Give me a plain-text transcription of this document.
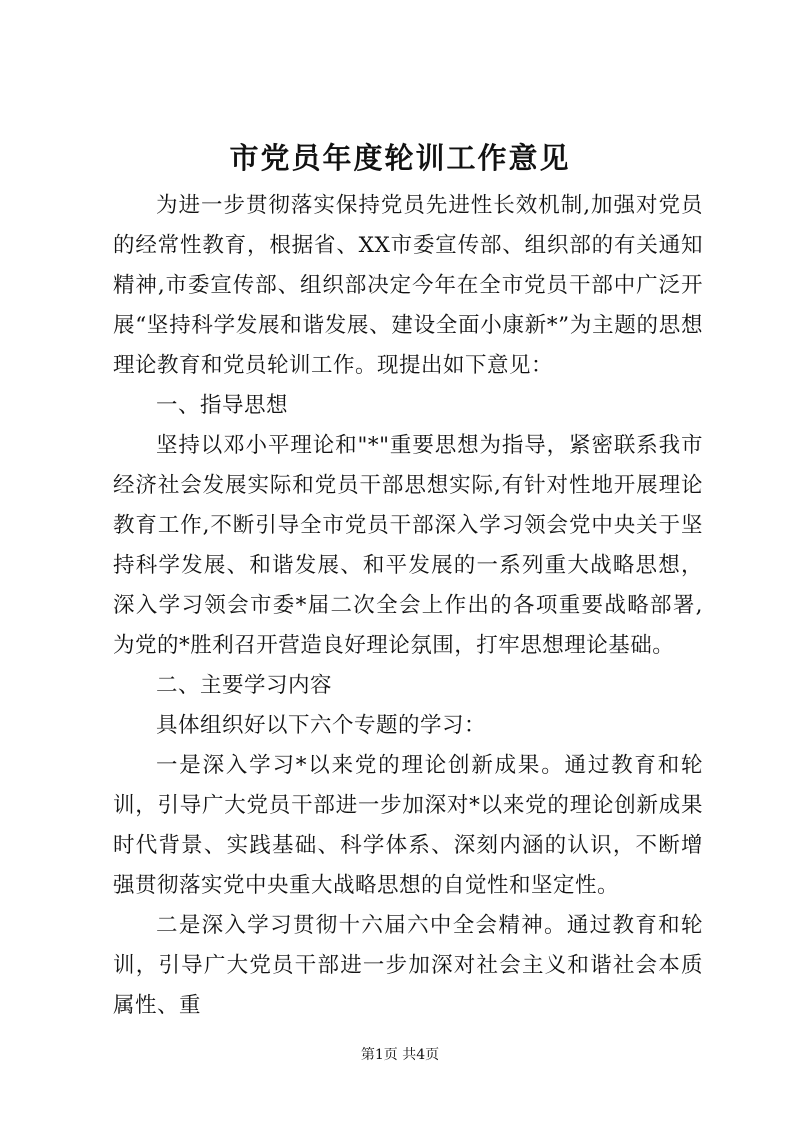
市党员年度轮训工作意见

为进一步贯彻落实保持党员先进性长效机制,加强对党员的经常性教育，根据省、XX市委宣传部、组织部的有关通知精神,市委宣传部、组织部决定今年在全市党员干部中广泛开展“坚持科学发展和谐发展、建设全面小康新*”为主题的思想理论教育和党员轮训工作。现提出如下意见：

一、指导思想

坚持以邓小平理论和"*"重要思想为指导，紧密联系我市经济社会发展实际和党员干部思想实际,有针对性地开展理论教育工作,不断引导全市党员干部深入学习领会党中央关于坚持科学发展、和谐发展、和平发展的一系列重大战略思想，深入学习领会市委*届二次全会上作出的各项重要战略部署,为党的*胜利召开营造良好理论氛围，打牢思想理论基础。

二、主要学习内容

具体组织好以下六个专题的学习：

一是深入学习*以来党的理论创新成果。通过教育和轮训，引导广大党员干部进一步加深对*以来党的理论创新成果时代背景、实践基础、科学体系、深刻内涵的认识，不断增强贯彻落实党中央重大战略思想的自觉性和坚定性。

二是深入学习贯彻十六届六中全会精神。通过教育和轮训，引导广大党员干部进一步加深对社会主义和谐社会本质属性、重

第1页 共4页
